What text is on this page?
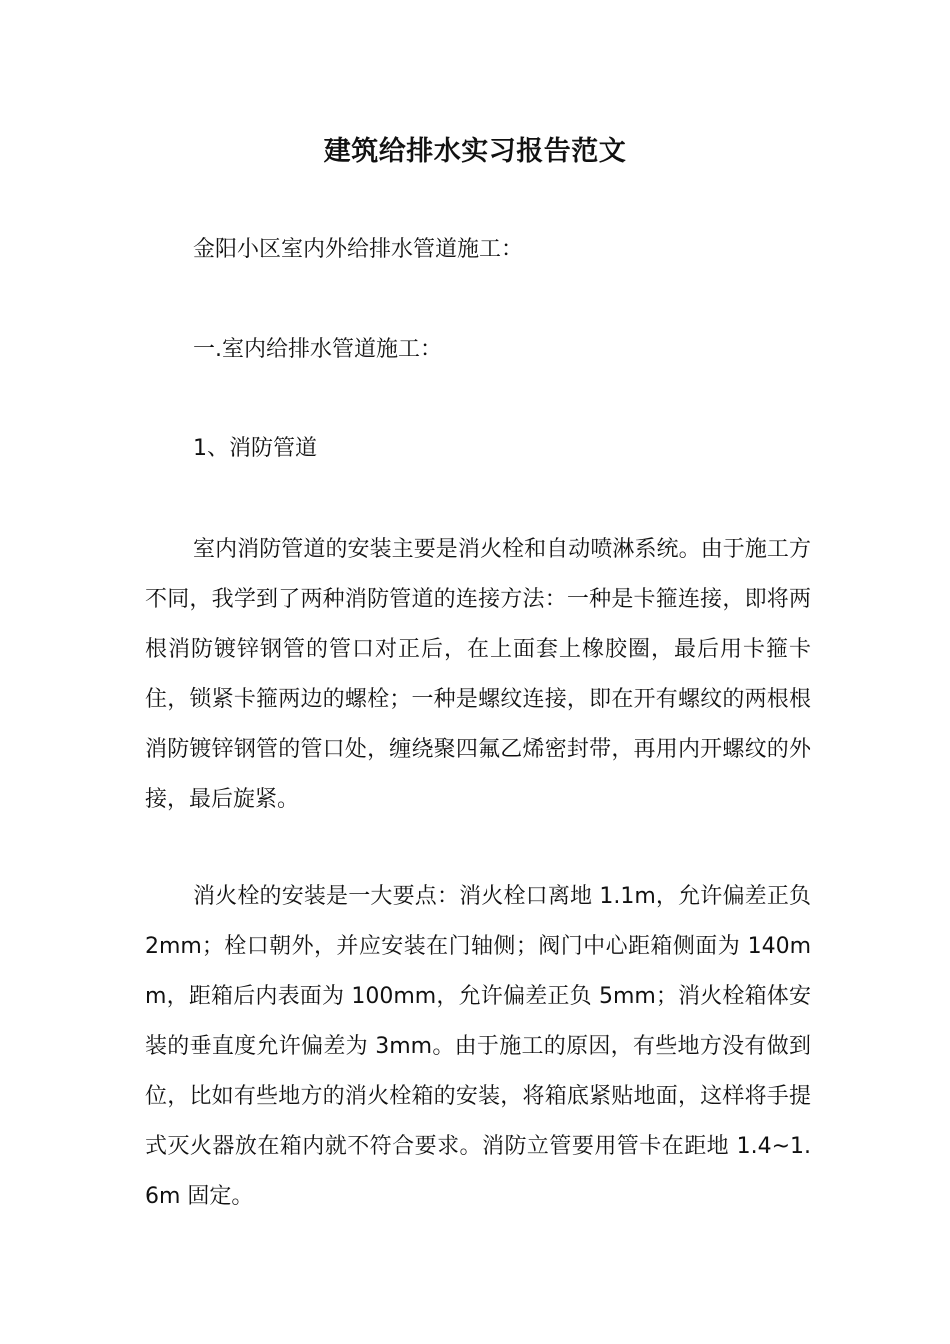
建筑给排水实习报告范文
金阳小区室内外给排水管道施工：
一.室内给排水管道施工：
1、消防管道

室内消防管道的安装主要是消火栓和自动喷淋系统。由于施工方不同，我学到了两种消防管道的连接方法：一种是卡箍连接，即将两根消防镀锌钢管的管口对正后，在上面套上橡胶圈，最后用卡箍卡住，锁紧卡箍两边的螺栓；一种是螺纹连接，即在开有螺纹的两根根消防镀锌钢管的管口处，缠绕聚四氟乙烯密封带，再用内开螺纹的外接，最后旋紧。

消火栓的安装是一大要点：消火栓口离地 1.1m，允许偏差正负 2mm；栓口朝外，并应安装在门轴侧；阀门中心距箱侧面为 140mm，距箱后内表面为 100mm，允许偏差正负 5mm；消火栓箱体安装的垂直度允许偏差为 3mm。由于施工的原因，有些地方没有做到位，比如有些地方的消火栓箱的安装，将箱底紧贴地面，这样将手提式灭火器放在箱内就不符合要求。消防立管要用管卡在距地 1.4~1.6m 固定。
